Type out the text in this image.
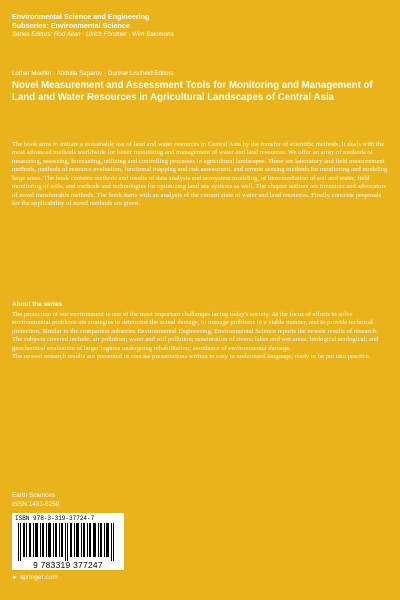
Environmental Science and Engineering
Subseries: Environmental Science
Series Editors: Rod Allan · Ulrich Förstner · Wim Salomons
Lothar Mueller · Abdulla Saparov · Gunnar Lischeid Editors
Novel Measurement and Assessment Tools for Monitoring and Management of Land and Water Resources in Agricultural Landscapes of Central Asia
The book aims to initiate a sustainable use of land and water resources in Central Asia by the transfer of scientific methods. It deals with the most advanced methods worldwide for better monitoring and management of water and land resources. We offer an array of methods of measuring, assessing, forecasting, utilizing and controlling processes in agricultural landscapes. These are laboratory and field measurement methods, methods of resource evaluation, functional mapping and risk assessment, and remote sensing methods for monitoring and modeling large areas. The book contains methods and results of data analysis and ecosystem modeling, of bioremediation of soil and water, field monitoring of soils, and methods and technologies for optimizing land use systems as well. The chapter authors are inventors and advocators of novel transferrable methods. The book starts with an analysis of the current state of water and land resources. Finally concrete proposals for the applicability of novel methods are given.
About the series
The protection of our environment is one of the most important challenges facing today's society. At the focus of efforts to solve environmental problems are strategies to determine the actual damage, to manage problems in a viable manner, and to provide technical protection. Similar to the companion subseries Environmental Engineering, Environmental Science reports the newest results of research.
The subjects covered include: air pollution; water and soil pollution; renaturation of rivers; lakes and wet areas; biological ecological; and geochemical evaluation of larger regions undergoing rehabilitation; avoidance of environmental damage.
The newest research results are presented in concise presentations written in easy to understand language, ready to be put into practice.
Earth Sciences
ISSN 1431-6250
ISBN 978-3-319-37724-7
9 783319 377247
► springer.com
